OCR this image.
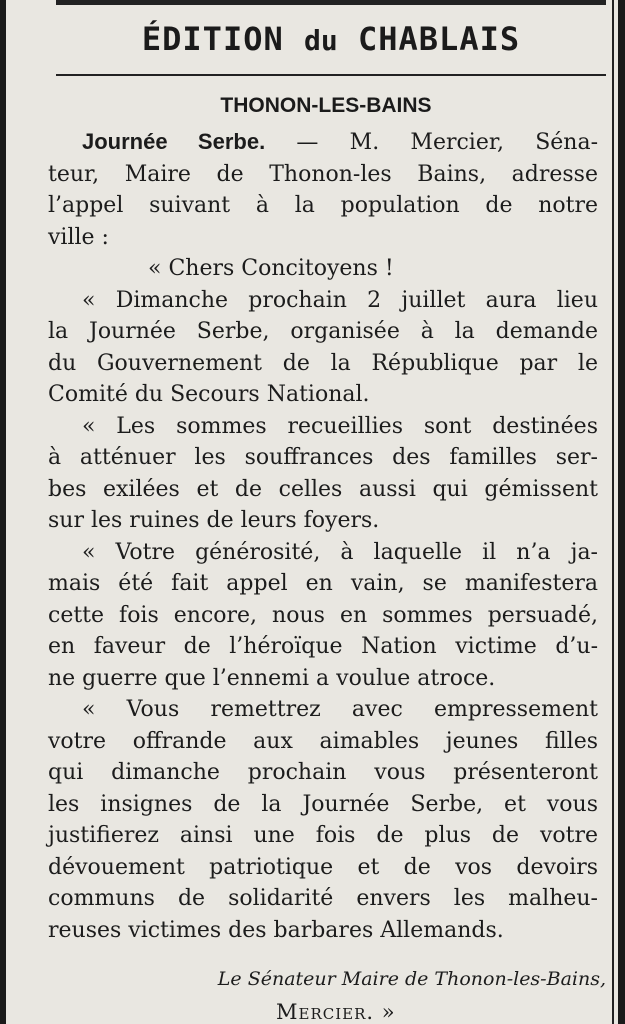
ÉDITION du CHABLAIS
THONON-LES-BAINS
Journée Serbe. — M. Mercier, Séna-
teur, Maire de Thonon-les Bains, adresse
l’appel suivant à la population de notre
ville :
« Chers Concitoyens !
« Dimanche prochain 2 juillet aura lieu
la Journée Serbe, organisée à la demande
du Gouvernement de la République par le
Comité du Secours National.
« Les sommes recueillies sont destinées
à atténuer les souffrances des familles ser-
bes exilées et de celles aussi qui gémissent
sur les ruines de leurs foyers.
« Votre générosité, à laquelle il n’a ja-
mais été fait appel en vain, se manifestera
cette fois encore, nous en sommes persuadé,
en faveur de l’héroïque Nation victime d’u-
ne guerre que l’ennemi a voulue atroce.
« Vous remettrez avec empressement
votre offrande aux aimables jeunes filles
qui dimanche prochain vous présenteront
les insignes de la Journée Serbe, et vous
justifierez ainsi une fois de plus de votre
dévouement patriotique et de vos devoirs
communs de solidarité envers les malheu-
reuses victimes des barbares Allemands.
Le Sénateur Maire de Thonon-les-Bains,
Mercier. »
